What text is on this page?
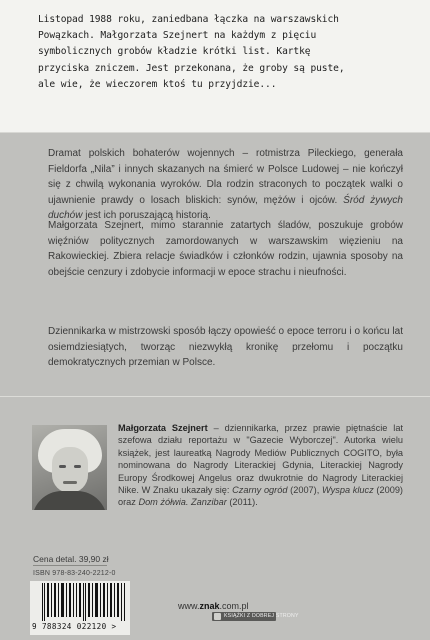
Listopad 1988 roku, zaniedbana łączka na warszawskich
Powązkach. Małgorzata Szejnert na każdym z pięciu
symbolicznych grobów kładzie krótki list. Kartkę
przyciska zniczem. Jest przekonana, że groby są puste,
ale wie, że wieczorem ktoś tu przyjdzie...
Dramat polskich bohaterów wojennych – rotmistrza Pileckiego, generała Fieldorfa „Nila” i innych skazanych na śmierć w Polsce Ludowej – nie kończył się z chwilą wykonania wyroków. Dla rodzin straconych to początek walki o ujawnienie prawdy o losach bliskich: synów, mężów i ojców. Śród żywych duchów jest ich poruszającą historią.
Małgorzata Szejnert, mimo starannie zatartych śladów, poszukuje grobów więźniów politycznych zamordowanych w warszawskim więzieniu na Rakowieckiej. Zbiera relacje świadków i członków rodzin, ujawnia sposoby na obejście cenzury i zdobycie informacji w epoce strachu i nieufności.
Dziennikarka w mistrzowski sposób łączy opowieść o epoce terroru i o końcu lat osiemdziesiątych, tworząc niezwykłą kronikę przełomu i początku demokratycznych przemian w Polsce.
Małgorzata Szejnert – dziennikarka, przez prawie piętnaście lat szefowa działu reportażu w "Gazecie Wyborczej". Autorka wielu książek, jest laureatką Nagrody Mediów Publicznych COGITO, była nominowana do Nagrody Literackiej Gdynia, Literackiej Nagrody Europy Środkowej Angelus oraz dwukrotnie do Nagrody Literackiej Nike. W Znaku ukazały się: Czarny ogród (2007), Wyspa klucz (2009) oraz Dom żółwia. Zanzibar (2011).
Cena detal. 39,90 zł
ISBN 978-83-240-2212-0
9 788324 022120 >
www.znak.com.pl
KSIĄŻKI Z DOBREJ STRONY
